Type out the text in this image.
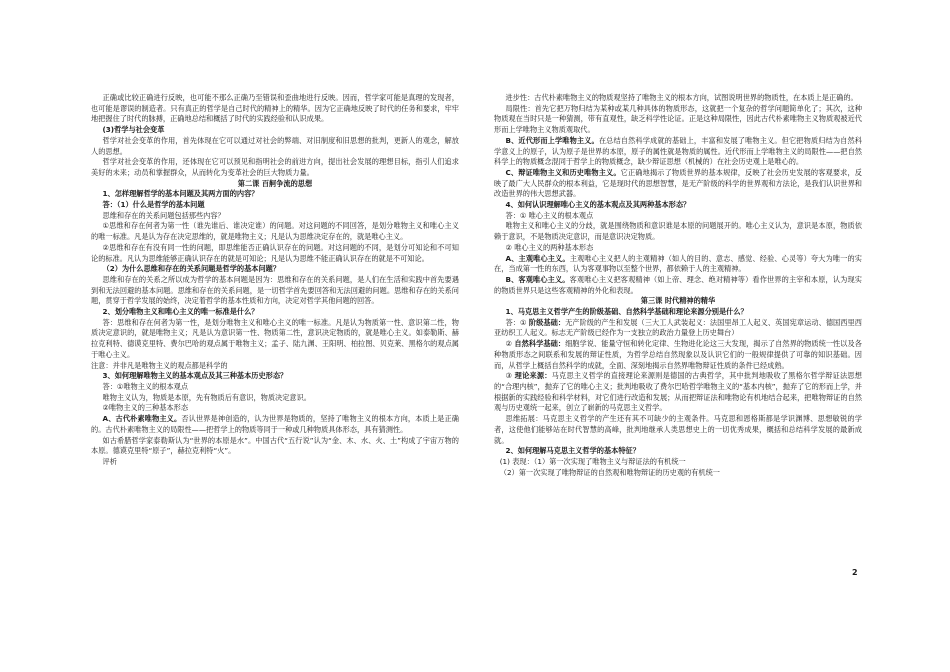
正确或比较正确进行反映，也可能不那么正确乃至错误和歪曲地进行反映。因而，哲学家可能是真理的发现者，也可能是谬误的制造者。只有真正的哲学是自己时代的精神上的精华。因为它正确地反映了时代的任务和要求，牢牢地把握住了时代的脉搏，正确地总结和概括了时代的实践经验和认识成果。

(3)哲学与社会变革

哲学对社会变革的作用，首先体现在它可以通过对社会的弊端、对旧制度和旧思想的批判，更新人的观念，解放人的思想。

哲学对社会变革的作用，还体现在它可以预见和指明社会的前进方向，提出社会发展的理想目标，指引人们追求美好的未来；动员和掌握群众，从而转化为变革社会的巨大物质力量。

第二课 百舸争流的思想

1、怎样理解哲学的基本问题及其两方面的内容？

答：（1）什么是哲学的基本问题

思维和存在的关系问题包括那些内容？

①思维和存在何者为第一性（谁先谁后、谁决定谁）的问题。对这问题的不同回答，是划分唯物主义和唯心主义的唯一标准。凡是认为存在决定思维的，就是唯物主义；凡是认为思维决定存在的，就是唯心主义。

②思维和存在有没有同一性的问题，即思维能否正确认识存在的问题。对这问题的不同，是划分可知论和不可知论的标准。凡认为思维能够正确认识存在的就是可知论；凡是认为思维不能正确认识存在的就是不可知论。

（2）为什么思维和存在的关系问题是哲学的基本问题？

思维和存在的关系之所以成为哲学的基本问题是因为：思维和存在的关系问题，是人们在生活和实践中首先要遇到和无法回避的基本问题。思维和存在的关系问题，是一切哲学首先要回答和无法回避的问题。思维和存在的关系问题，贯穿于哲学发展的始终，决定着哲学的基本性质和方向，决定对哲学其他问题的回答。

2、划分唯物主义和唯心主义的唯一标准是什么？

答：思维和存在何者为第一性，是划分唯物主义和唯心主义的唯一标准。凡是认为物质第一性、意识第二性，物质决定意识的，就是唯物主义；凡是认为意识第一性、物质第二性，意识决定物质的，就是唯心主义。如泰勒斯、赫拉克利特、德谟克里特、费尔巴哈的观点属于唯物主义；孟子、陆九渊、王阳明、柏拉图、贝克莱、黑格尔的观点属于唯心主义。

注意：并非凡是唯物主义的观点都是科学的

3、如何理解唯物主义的基本观点及其三种基本历史形态？

答：①唯物主义的根本观点

唯物主义认为，物质是本原，先有物质后有意识，物质决定意识。

②唯物主义的三种基本形态

A、古代朴素唯物主义。否认世界是神创造的，认为世界是物质的，坚持了唯物主义的根本方向，本质上是正确的。古代朴素唯物主义的局限性——把哲学上的物质等同于一种或几种物质具体形态，具有猜测性。

如古希腊哲学家泰勒斯认为“世界的本原是水”。中国古代“五行说”认为“金、木、水、火、土”构成了宇宙万物的本原。德谟克里特“原子”，赫拉克利特“火”。

评析

进步性：古代朴素唯物主义的物质观坚持了唯物主义的根本方向，试图说明世界的物质性，在本质上是正确的。

局限性：首先它把万物归结为某种或某几种具体的物质形态，这就把一个复杂的哲学问题简单化了；其次，这种物质观在当时只是一种猜测，带有直观性，缺乏科学性论证。正是这种局限性，因此古代朴素唯物主义物质观被近代形而上学唯物主义物质观取代。

B、近代形而上学唯物主义。在总结自然科学成就的基础上，丰富和发展了唯物主义。但它把物质归结为自然科学意义上的原子，认为原子是世界的本原，原子的属性就是物质的属性。近代形而上学唯物主义的局限性——把自然科学上的物质概念混同于哲学上的物质概念，缺少辩证思想（机械的）在社会历史观上是唯心的。

C、辩证唯物主义和历史唯物主义。它正确地揭示了物质世界的基本规律，反映了社会历史发展的客观要求，反映了最广大人民群众的根本利益，它是现时代的思想智慧，是无产阶级的科学的世界观和方法论，是我们认识世界和改造世界的伟大思想武器。

4、如何认识理解唯心主义的基本观点及其两种基本形态？

答：① 唯心主义的根本观点

唯物主义和唯心主义的分歧，就是围绕物质和意识谁是本原的问题展开的。唯心主义认为，意识是本原，物质依赖于意识，不是物质决定意识，而是意识决定物质。

② 唯心主义的两种基本形态

A、主观唯心主义。主观唯心主义把人的主观精神（如人的目的、意志、感觉、经验、心灵等）夸大为唯一的实在，当成第一性的东西，认为客观事物以至整个世界，都依赖于人的主观精神。

B、客观唯心主义。客观唯心主义把客观精神（如上帝、理念、绝对精神等）看作世界的主宰和本原，认为现实的物质世界只是这些客观精神的外化和表现。

第三课 时代精神的精华

1、马克思主义哲学产生的阶级基础、自然科学基础和理论来源分别是什么？

答：① 阶级基础：无产阶级的产生和发展（三大工人武装起义：法国里昂工人起义、英国宪章运动、德国西里西亚纺织工人起义。标志无产阶级已经作为一支独立的政治力量登上历史舞台）

② 自然科学基础：细胞学说、能量守恒和转化定律、生物进化论这三大发现，揭示了自然界的物质统一性以及各种物质形态之间联系和发展的辩证性质，为哲学总结自然现象以及认识它们的一般规律提供了可靠的知识基础。因而，从哲学上概括自然科学的成就，全面、深刻地揭示自然界唯物辩证性质的条件已经成熟。

③ 理论来源：马克思主义哲学的直接理论来源则是德国的古典哲学，其中批判地吸收了黑格尔哲学辩证法思想的“合理内核”，抛弃了它的唯心主义；批判地吸收了费尔巴哈哲学唯物主义的“基本内核”，抛弃了它的形而上学，并根据新的实践经验和科学材料，对它们进行改造和发展；从而把辩证法和唯物论有机地结合起来，把唯物辩证的自然观与历史观统一起来，创立了崭新的马克思主义哲学。

思维拓展：马克思主义哲学的产生还有其不可缺少的主观条件。马克思和恩格斯都是学识渊博、思想敏锐的学者，这使他们能够站在时代智慧的高峰，批判地继承人类思想史上的一切优秀成果，概括和总结科学发展的最新成就。

2、如何理解马克思主义哲学的基本特征？

(1) 表现：（1）第一次实现了唯物主义与辩证法的有机统一

（2）第一次实现了唯物辩证的自然观和唯物辩证的历史观的有机统一

2
